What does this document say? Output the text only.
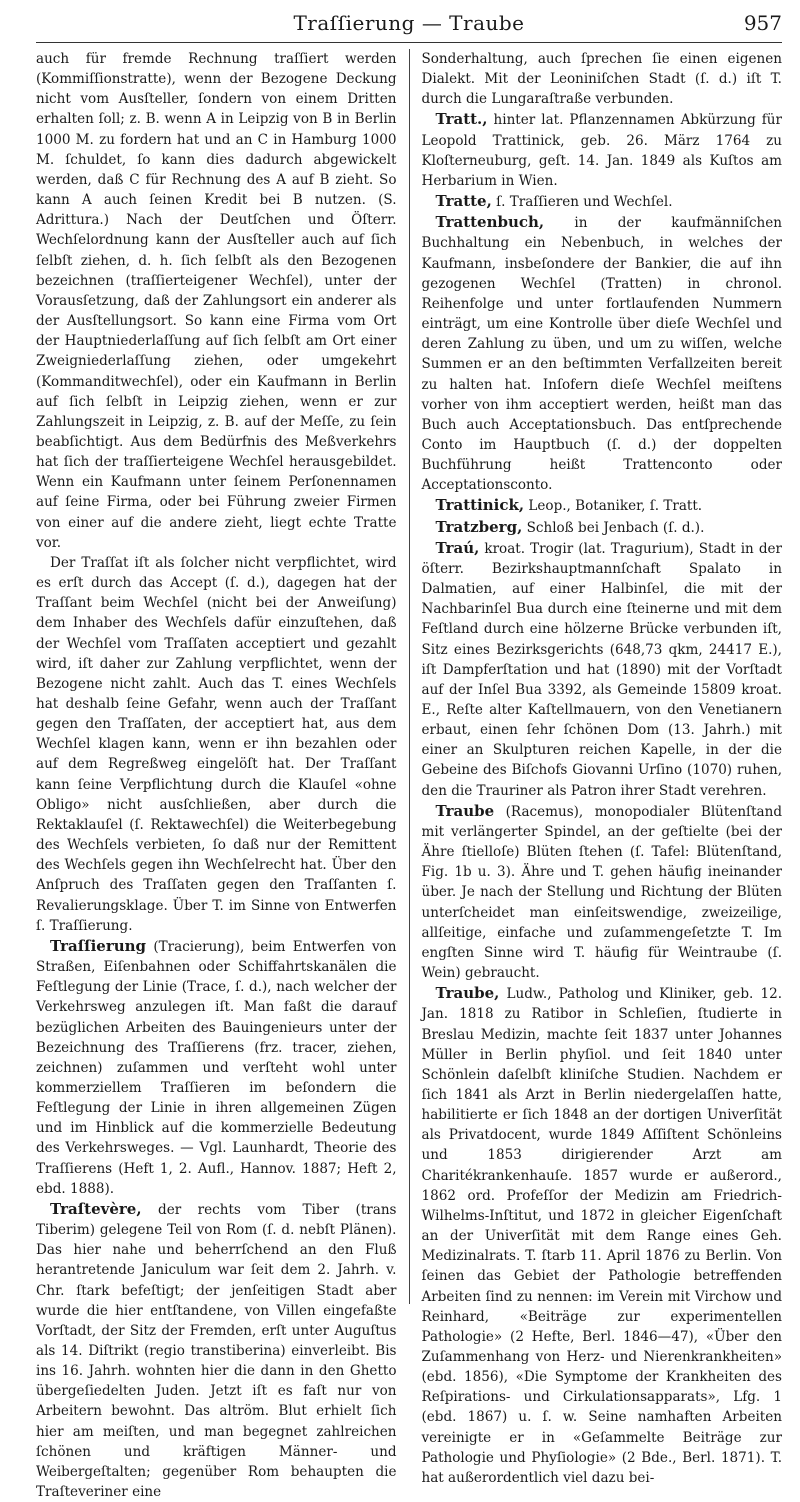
Traſſierung — Traube	957

auch für fremde Rechnung traſſiert werden (Kommiſſionstratte), wenn der Bezogene Deckung nicht vom Ausſteller, ſondern von einem Dritten erhalten ſoll; z. B. wenn A in Leipzig von B in Berlin 1000 M. zu fordern hat und an C in Hamburg 1000 M. ſchuldet, ſo kann dies dadurch abgewickelt werden, daß C für Rechnung des A auf B zieht. So kann A auch ſeinen Kredit bei B nutzen. (S. Adrittura.) Nach der Deutſchen und Öſterr. Wechſelordnung kann der Ausſteller auch auf ſich ſelbſt ziehen, d. h. ſich ſelbſt als den Bezogenen bezeichnen (traſſierteigener Wechſel), unter der Vorausſetzung, daß der Zahlungsort ein anderer als der Ausſtellungsort. So kann eine Firma vom Ort der Hauptniederlaſſung auf ſich ſelbſt am Ort einer Zweigniederlaſſung ziehen, oder umgekehrt (Kommanditwechſel), oder ein Kaufmann in Berlin auf ſich ſelbſt in Leipzig ziehen, wenn er zur Zahlungszeit in Leipzig, z. B. auf der Meſſe, zu ſein beabſichtigt. Aus dem Bedürfnis des Meßverkehrs hat ſich der traſſierteigene Wechſel herausgebildet. Wenn ein Kaufmann unter ſeinem Perſonennamen auf ſeine Firma, oder bei Führung zweier Firmen von einer auf die andere zieht, liegt echte Tratte vor.

Der Traſſat iſt als ſolcher nicht verpflichtet, wird es erſt durch das Accept (ſ. d.), dagegen hat der Traſſant beim Wechſel (nicht bei der Anweiſung) dem Inhaber des Wechſels dafür einzuſtehen, daß der Wechſel vom Traſſaten acceptiert und gezahlt wird, iſt daher zur Zahlung verpflichtet, wenn der Bezogene nicht zahlt. Auch das T. eines Wechſels hat deshalb ſeine Gefahr, wenn auch der Traſſant gegen den Traſſaten, der acceptiert hat, aus dem Wechſel klagen kann, wenn er ihn bezahlen oder auf dem Regreßweg eingelöſt hat. Der Traſſant kann ſeine Verpflichtung durch die Klauſel «ohne Obligo» nicht ausſchließen, aber durch die Rektaklauſel (ſ. Rektawechſel) die Weiterbegebung des Wechſels verbieten, ſo daß nur der Remittent des Wechſels gegen ihn Wechſelrecht hat. Über den Anſpruch des Traſſaten gegen den Traſſanten ſ. Revalierungsklage. Über T. im Sinne von Entwerfen ſ. Traſſierung.

Traſſierung (Tracierung), beim Entwerfen von Straßen, Eiſenbahnen oder Schiffahrtskanälen die Feſtlegung der Linie (Trace, ſ. d.), nach welcher der Verkehrsweg anzulegen iſt. Man faßt die darauf bezüglichen Arbeiten des Bauingenieurs unter der Bezeichnung des Traſſierens (frz. tracer, ziehen, zeichnen) zuſammen und verſteht wohl unter kommerziellem Traſſieren im beſondern die Feſtlegung der Linie in ihren allgemeinen Zügen und im Hinblick auf die kommerzielle Bedeutung des Verkehrsweges. — Vgl. Launhardt, Theorie des Traſſierens (Heft 1, 2. Aufl., Hannov. 1887; Heft 2, ebd. 1888).

Traſtevère, der rechts vom Tiber (trans Tiberim) gelegene Teil von Rom (ſ. d. nebſt Plänen). Das hier nahe und beherrſchend an den Fluß herantretende Janiculum war ſeit dem 2. Jahrh. v. Chr. ſtark befeſtigt; der jenſeitigen Stadt aber wurde die hier entſtandene, von Villen eingefaßte Vorſtadt, der Sitz der Fremden, erſt unter Auguſtus als 14. Diſtrikt (regio transtiberina) einverleibt. Bis ins 16. Jahrh. wohnten hier die dann in den Ghetto übergeſiedelten Juden. Jetzt iſt es faſt nur von Arbeitern bewohnt. Das altröm. Blut erhielt ſich hier am meiſten, und man begegnet zahlreichen ſchönen und kräftigen Männer- und Weibergeſtalten; gegenüber Rom behaupten die Traſteveriner eine

Sonderhaltung, auch ſprechen ſie einen eigenen Dialekt. Mit der Leoniniſchen Stadt (ſ. d.) iſt T. durch die Lungaraſtraße verbunden.

Tratt., hinter lat. Pflanzennamen Abkürzung für Leopold Trattinick, geb. 26. März 1764 zu Kloſterneuburg, geſt. 14. Jan. 1849 als Kuſtos am Herbarium in Wien.

Tratte, ſ. Traſſieren und Wechſel.

Trattenbuch, in der kaufmänniſchen Buchhaltung ein Nebenbuch, in welches der Kaufmann, insbeſondere der Bankier, die auf ihn gezogenen Wechſel (Tratten) in chronol. Reihenfolge und unter fortlaufenden Nummern einträgt, um eine Kontrolle über dieſe Wechſel und deren Zahlung zu üben, und um zu wiſſen, welche Summen er an den beſtimmten Verfallzeiten bereit zu halten hat. Inſofern dieſe Wechſel meiſtens vorher von ihm acceptiert werden, heißt man das Buch auch Acceptationsbuch. Das entſprechende Conto im Hauptbuch (ſ. d.) der doppelten Buchführung heißt Trattenconto oder Acceptationsconto.

Trattinick, Leop., Botaniker, ſ. Tratt.

Tratzberg, Schloß bei Jenbach (ſ. d.).

Traú, kroat. Trogir (lat. Tragurium), Stadt in der öſterr. Bezirkshauptmannſchaft Spalato in Dalmatien, auf einer Halbinſel, die mit der Nachbarinſel Bua durch eine ſteinerne und mit dem Feſtland durch eine hölzerne Brücke verbunden iſt, Sitz eines Bezirksgerichts (648,73 qkm, 24417 E.), iſt Dampferſtation und hat (1890) mit der Vorſtadt auf der Inſel Bua 3392, als Gemeinde 15809 kroat. E., Reſte alter Kaſtellmauern, von den Venetianern erbaut, einen ſehr ſchönen Dom (13. Jahrh.) mit einer an Skulpturen reichen Kapelle, in der die Gebeine des Biſchofs Giovanni Urſino (1070) ruhen, den die Trauriner als Patron ihrer Stadt verehren.

Traube (Racemus), monopodialer Blütenſtand mit verlängerter Spindel, an der geſtielte (bei der Ähre ſtielloſe) Blüten ſtehen (ſ. Tafel: Blütenſtand, Fig. 1b u. 3). Ähre und T. gehen häufig ineinander über. Je nach der Stellung und Richtung der Blüten unterſcheidet man einſeitswendige, zweizeilige, allſeitige, einfache und zuſammengeſetzte T. Im engſten Sinne wird T. häufig für Weintraube (ſ. Wein) gebraucht.

Traube, Ludw., Patholog und Kliniker, geb. 12. Jan. 1818 zu Ratibor in Schleſien, ſtudierte in Breslau Medizin, machte ſeit 1837 unter Johannes Müller in Berlin phyſiol. und ſeit 1840 unter Schönlein daſelbſt kliniſche Studien. Nachdem er ſich 1841 als Arzt in Berlin niedergelaſſen hatte, habilitierte er ſich 1848 an der dortigen Univerſität als Privatdocent, wurde 1849 Aſſiſtent Schönleins und 1853 dirigierender Arzt am Charitékrankenhauſe. 1857 wurde er außerord., 1862 ord. Profeſſor der Medizin am Friedrich-Wilhelms-Inſtitut, und 1872 in gleicher Eigenſchaft an der Univerſität mit dem Range eines Geh. Medizinalrats. T. ſtarb 11. April 1876 zu Berlin. Von ſeinen das Gebiet der Pathologie betreffenden Arbeiten ſind zu nennen: im Verein mit Virchow und Reinhard, «Beiträge zur experimentellen Pathologie» (2 Hefte, Berl. 1846—47), «Über den Zuſammenhang von Herz- und Nierenkrankheiten» (ebd. 1856), «Die Symptome der Krankheiten des Reſpirations- und Cirkulationsapparats», Lfg. 1 (ebd. 1867) u. ſ. w. Seine namhaften Arbeiten vereinigte er in «Geſammelte Beiträge zur Pathologie und Phyſiologie» (2 Bde., Berl. 1871). T. hat außerordentlich viel dazu bei-
